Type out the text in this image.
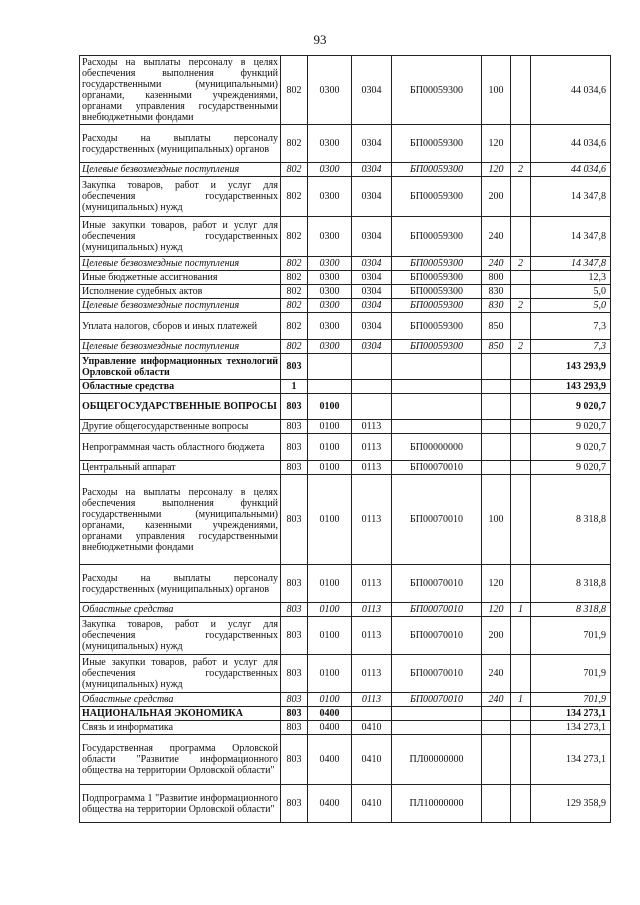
93
Расходы на выплаты персоналу в целях обеспечения выполнения функций государственными (муниципальными) органами, казенными учреждениями, органами управления государственными внебюджетными фондами	802	0300	0304	БП00059300	100		44 034,6
Расходы на выплаты персоналу государственных (муниципальных) органов	802	0300	0304	БП00059300	120		44 034,6
Целевые безвозмездные поступления	802	0300	0304	БП00059300	120	2	44 034,6
Закупка товаров, работ и услуг для обеспечения государственных (муниципальных) нужд	802	0300	0304	БП00059300	200		14 347,8
Иные закупки товаров, работ и услуг для обеспечения государственных (муниципальных) нужд	802	0300	0304	БП00059300	240		14 347,8
Целевые безвозмездные поступления	802	0300	0304	БП00059300	240	2	14 347,8
Иные бюджетные ассигнования	802	0300	0304	БП00059300	800		12,3
Исполнение судебных актов	802	0300	0304	БП00059300	830		5,0
Целевые безвозмездные поступления	802	0300	0304	БП00059300	830	2	5,0
Уплата налогов, сборов и иных платежей	802	0300	0304	БП00059300	850		7,3
Целевые безвозмездные поступления	802	0300	0304	БП00059300	850	2	7,3
Управление информационных технологий Орловской области	803						143 293,9
Областные средства	1						143 293,9
ОБЩЕГОСУДАРСТВЕННЫЕ ВОПРОСЫ	803	0100					9 020,7
Другие общегосударственные вопросы	803	0100	0113				9 020,7
Непрограммная часть областного бюджета	803	0100	0113	БП00000000			9 020,7
Центральный аппарат	803	0100	0113	БП00070010			9 020,7
Расходы на выплаты персоналу в целях обеспечения выполнения функций государственными (муниципальными) органами, казенными учреждениями, органами управления государственными внебюджетными фондами	803	0100	0113	БП00070010	100		8 318,8
Расходы на выплаты персоналу государственных (муниципальных) органов	803	0100	0113	БП00070010	120		8 318,8
Областные средства	803	0100	0113	БП00070010	120	1	8 318,8
Закупка товаров, работ и услуг для обеспечения государственных (муниципальных) нужд	803	0100	0113	БП00070010	200		701,9
Иные закупки товаров, работ и услуг для обеспечения государственных (муниципальных) нужд	803	0100	0113	БП00070010	240		701,9
Областные средства	803	0100	0113	БП00070010	240	1	701,9
НАЦИОНАЛЬНАЯ ЭКОНОМИКА	803	0400					134 273,1
Связь и информатика	803	0400	0410				134 273,1
Государственная программа Орловской области "Развитие информационного общества на территории Орловской области"	803	0400	0410	ПЛ00000000			134 273,1
Подпрограмма 1 "Развитие информационного общества на территории Орловской области"	803	0400	0410	ПЛ10000000			129 358,9
